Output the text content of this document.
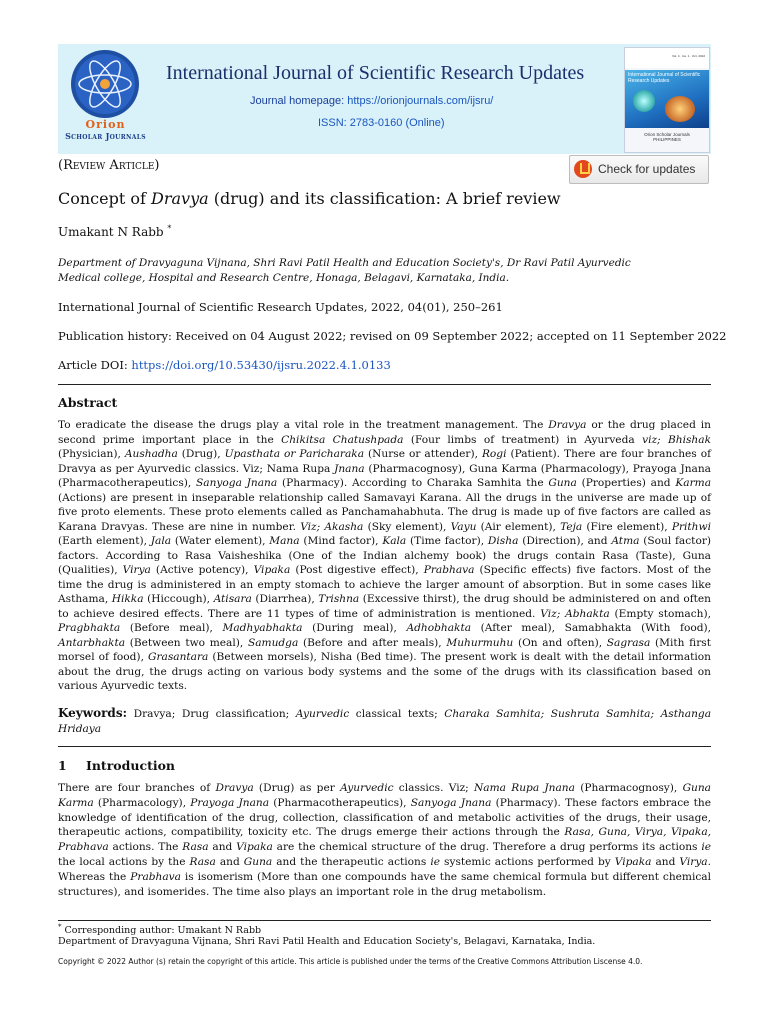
Orion
Scholar Journals
International Journal of Scientific Research Updates
Journal homepage: https://orionjournals.com/ijsru/
ISSN: 2783-0160 (Online)
Vol. 4 · Iss. 1 · Oct. 2022
International Journal of Scientific Research Updates
Orion Scholar Journals
PHILIPPINES
(Review Article)	Check for updates
Concept of Dravya (drug) and its classification: A brief review
Umakant N Rabb *
Department of Dravyaguna Vijnana, Shri Ravi Patil Health and Education Society's, Dr Ravi Patil Ayurvedic
Medical college, Hospital and Research Centre, Honaga, Belagavi, Karnataka, India.
International Journal of Scientific Research Updates, 2022, 04(01), 250–261
Publication history: Received on 04 August 2022; revised on 09 September 2022; accepted on 11 September 2022
Article DOI: https://doi.org/10.53430/ijsru.2022.4.1.0133
Abstract
To eradicate the disease the drugs play a vital role in the treatment management. The Dravya or the drug placed in second prime important place in the Chikitsa Chatushpada (Four limbs of treatment) in Ayurveda viz; Bhishak (Physician), Aushadha (Drug), Upasthata or Paricharaka (Nurse or attender), Rogi (Patient). There are four branches of Dravya as per Ayurvedic classics. Viz; Nama Rupa Jnana (Pharmacognosy), Guna Karma (Pharmacology), Prayoga Jnana (Pharmacotherapeutics), Sanyoga Jnana (Pharmacy). According to Charaka Samhita the Guna (Properties) and Karma (Actions) are present in inseparable relationship called Samavayi Karana. All the drugs in the universe are made up of five proto elements. These proto elements called as Panchamahabhuta. The drug is made up of five factors are called as Karana Dravyas. These are nine in number. Viz; Akasha (Sky element), Vayu (Air element), Teja (Fire element), Prithwi (Earth element), Jala (Water element), Mana (Mind factor), Kala (Time factor), Disha (Direction), and Atma (Soul factor) factors. According to Rasa Vaisheshika (One of the Indian alchemy book) the drugs contain Rasa (Taste), Guna (Qualities), Virya (Active potency), Vipaka (Post digestive effect), Prabhava (Specific effects) five factors. Most of the time the drug is administered in an empty stomach to achieve the larger amount of absorption. But in some cases like Asthama, Hikka (Hiccough), Atisara (Diarrhea), Trishna (Excessive thirst), the drug should be administered on and often to achieve desired effects. There are 11 types of time of administration is mentioned. Viz; Abhakta (Empty stomach), Pragbhakta (Before meal), Madhyabhakta (During meal), Adhobhakta (After meal), Samabhakta (With food), Antarbhakta (Between two meal), Samudga (Before and after meals), Muhurmuhu (On and often), Sagrasa (Mith first morsel of food), Grasantara (Between morsels), Nisha (Bed time). The present work is dealt with the detail information about the drug, the drugs acting on various body systems and the some of the drugs with its classification based on various Ayurvedic texts.
Keywords: Dravya; Drug classification; Ayurvedic classical texts; Charaka Samhita; Sushruta Samhita; Asthanga Hridaya
1 Introduction
There are four branches of Dravya (Drug) as per Ayurvedic classics. Viz; Nama Rupa Jnana (Pharmacognosy), Guna Karma (Pharmacology), Prayoga Jnana (Pharmacotherapeutics), Sanyoga Jnana (Pharmacy). These factors embrace the knowledge of identification of the drug, collection, classification of and metabolic activities of the drugs, their usage, therapeutic actions, compatibility, toxicity etc. The drugs emerge their actions through the Rasa, Guna, Virya, Vipaka, Prabhava actions. The Rasa and Vipaka are the chemical structure of the drug. Therefore a drug performs its actions ie the local actions by the Rasa and Guna and the therapeutic actions ie systemic actions performed by Vipaka and Virya. Whereas the Prabhava is isomerism (More than one compounds have the same chemical formula but different chemical structures), and isomerides. The time also plays an important role in the drug metabolism.
* Corresponding author: Umakant N Rabb
Department of Dravyaguna Vijnana, Shri Ravi Patil Health and Education Society's, Belagavi, Karnataka, India.
Copyright © 2022 Author (s) retain the copyright of this article. This article is published under the terms of the Creative Commons Attribution Liscense 4.0.
